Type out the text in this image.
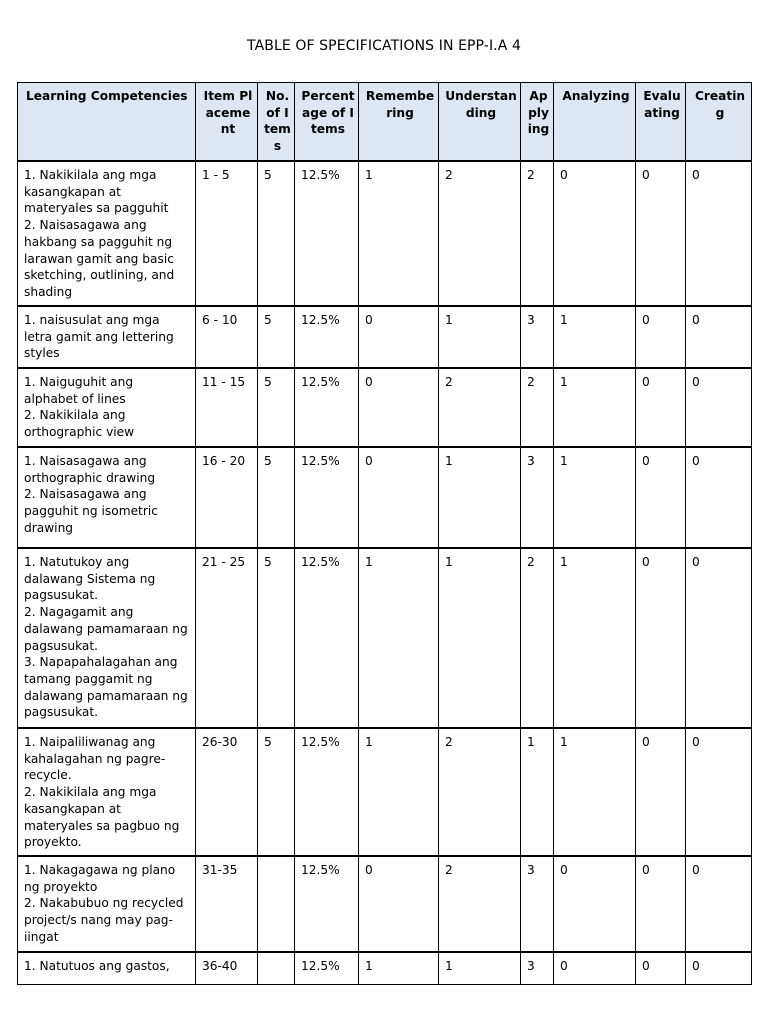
TABLE OF SPECIFICATIONS IN EPP-I.A 4
Learning Competencies	Item Placement	No. of Items	Percentage of Items	Remembering	Understanding	Applying	Analyzing	Evaluating	Creating

1. Nakikilala ang mga kasangkapan at materyales sa pagguhit
2. Naisasagawa ang hakbang sa pagguhit ng larawan gamit ang basic sketching, outlining, and shading	1 - 5	5	12.5%	1	2	2	0	0	0

1. naisusulat ang mga letra gamit ang lettering styles	6 - 10	5	12.5%	0	1	3	1	0	0

1. Naiguguhit ang alphabet of lines
2. Nakikilala ang orthographic view	11 - 15	5	12.5%	0	2	2	1	0	0

1. Naisasagawa ang orthographic drawing
2. Naisasagawa ang pagguhit ng isometric drawing	16 - 20	5	12.5%	0	1	3	1	0	0

1. Natutukoy ang dalawang Sistema ng pagsusukat.
2. Nagagamit ang dalawang pamamaraan ng pagsusukat.
3. Napapahalagahan ang tamang paggamit ng dalawang pamamaraan ng pagsusukat.	21 - 25	5	12.5%	1	1	2	1	0	0

1. Naipaliliwanag ang kahalagahan ng pagre-recycle.
2. Nakikilala ang mga kasangkapan at materyales sa pagbuo ng proyekto.	26-30	5	12.5%	1	2	1	1	0	0

1. Nakagagawa ng plano ng proyekto
2. Nakabubuo ng recycled project/s nang may pag-iingat	31-35		12.5%	0	2	3	0	0	0

1. Natutuos ang gastos,	36-40		12.5%	1	1	3	0	0	0
